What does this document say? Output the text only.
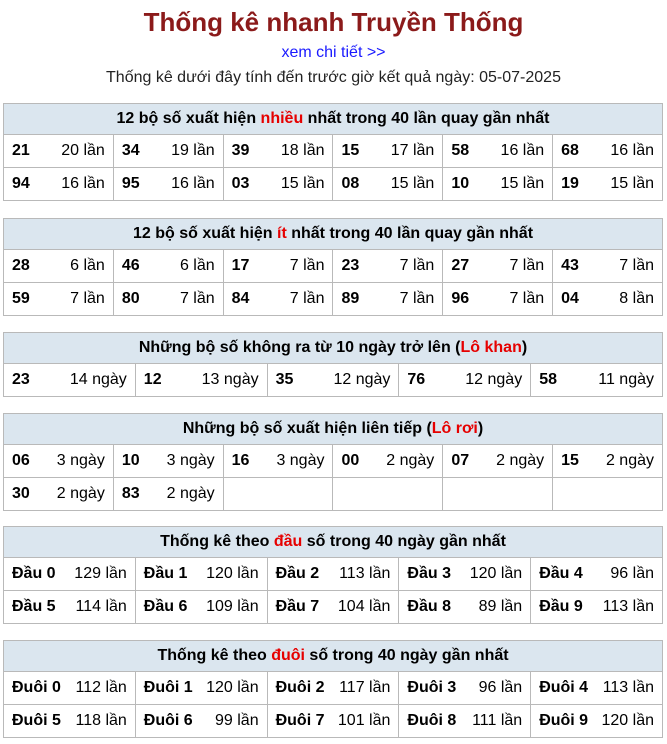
Thống kê nhanh Truyền Thống
xem chi tiết >>
Thống kê dưới đây tính đến trước giờ kết quả ngày: 05-07-2025
12 bộ số xuất hiện nhiều nhất trong 40 lần quay gần nhất					
21 20 lần	34 19 lần	39 18 lần	15 17 lần	58 16 lần	68 16 lần

94 16 lần	95 16 lần	03 15 lần	08 15 lần	10 15 lần	19 15 lần
12 bộ số xuất hiện ít nhất trong 40 lần quay gần nhất					
28 6 lần	46 6 lần	17 7 lần	23 7 lần	27 7 lần	43 7 lần

59 7 lần	80 7 lần	84 7 lần	89 7 lần	96 7 lần	04 8 lần
Những bộ số không ra từ 10 ngày trở lên (Lô khan)
23	14 ngày	12	13 ngày	35	12 ngày	76	12 ngày	58	11 ngày
Những bộ số xuất hiện liên tiếp (Lô rơi)					
06 3 ngày	10 3 ngày	16 3 ngày	00 2 ngày	07 2 ngày	15 2 ngày

30 2 ngày	83 2 ngày				

Thống kê theo đầu số trong 40 ngày gần nhất				
Đầu 0 129 lần	Đầu 1 120 lần	Đầu 2 113 lần	Đầu 3 120 lần	Đầu 4 96 lần

Đầu 5 114 lần	Đầu 6 109 lần	Đầu 7 104 lần	Đầu 8 89 lần	Đầu 9 113 lần
Thống kê theo đuôi số trong 40 ngày gần nhất				
Đuôi 0 112 lần	Đuôi 1 120 lần	Đuôi 2 117 lần	Đuôi 3 96 lần	Đuôi 4 113 lần

Đuôi 5 118 lần	Đuôi 6 99 lần	Đuôi 7 101 lần	Đuôi 8 111 lần	Đuôi 9 120 lần
